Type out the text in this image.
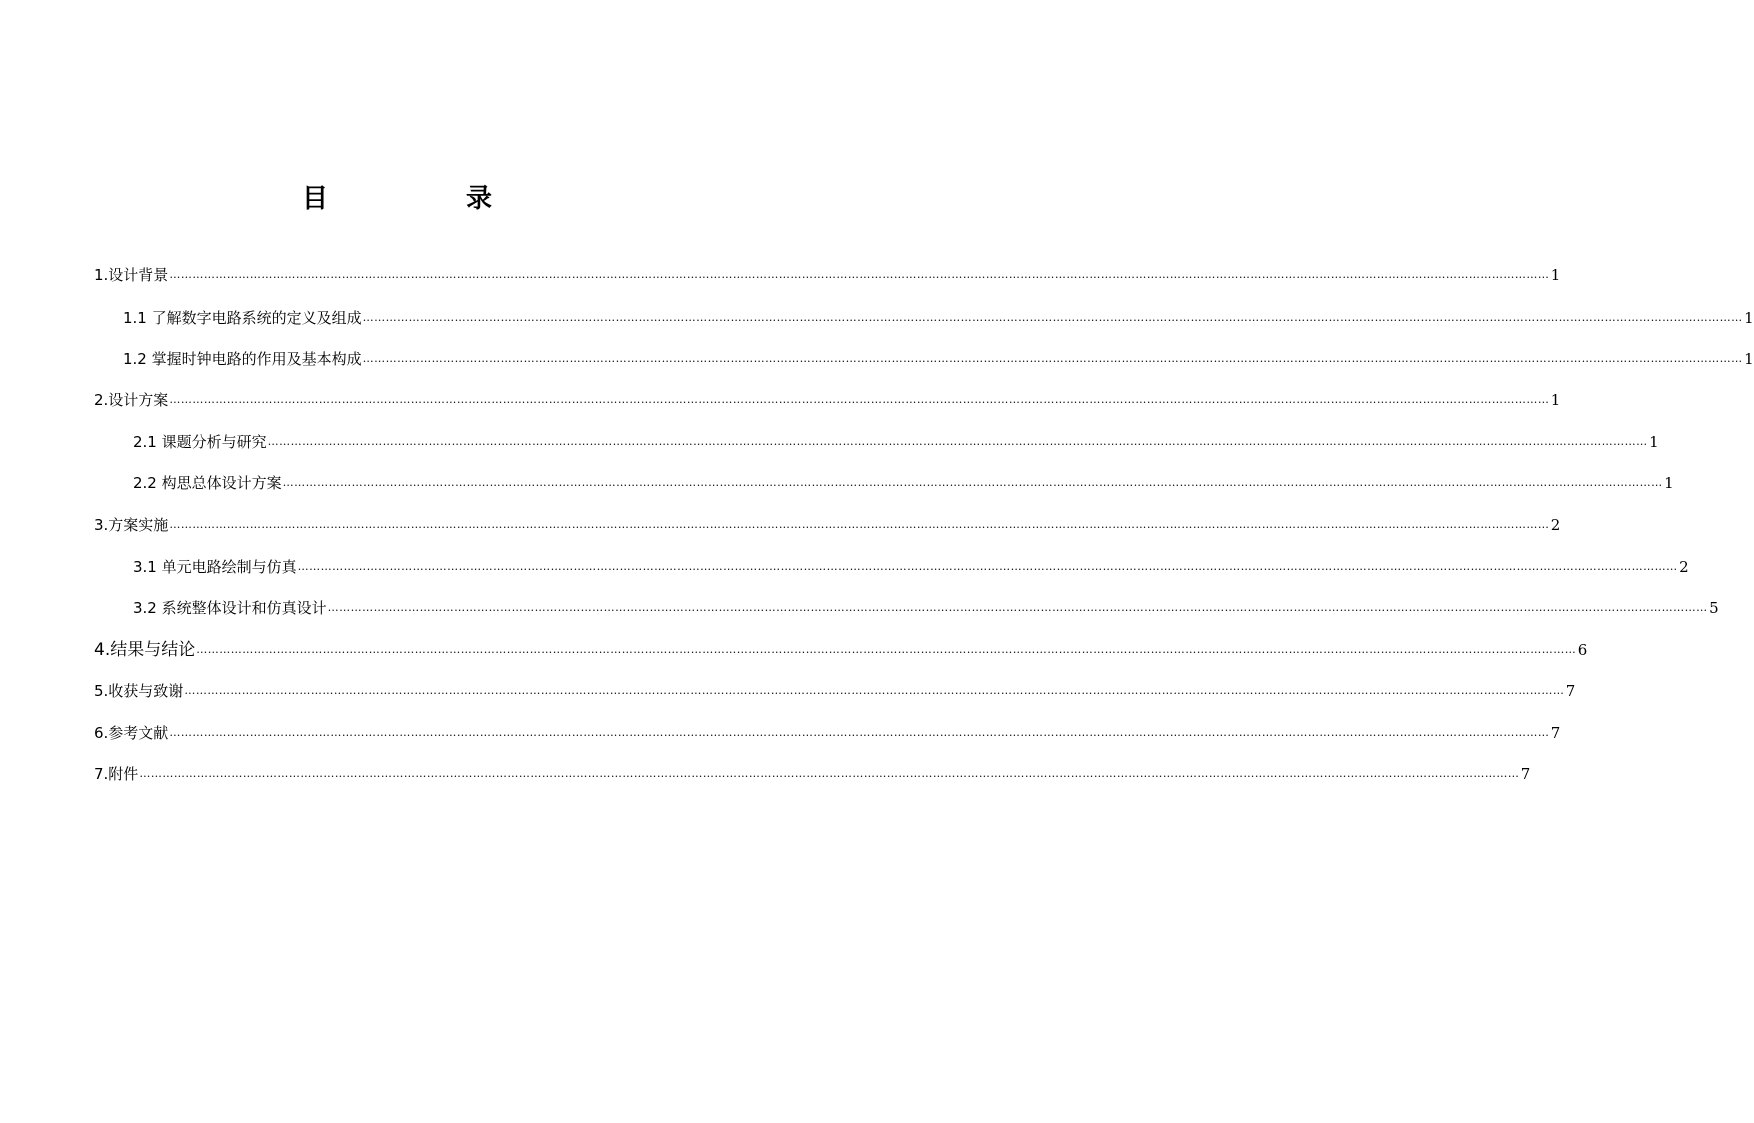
目　录
1.设计背景 ……………………………………………………………………………………………………………………………………………………………………………………………………………………………………………………………………………………………………………………………… 1
1.1 了解数字电路系统的定义及组成 ……………………………………………………………………………………………………………………………………………………………………………………………………………………………………………………………………………………………………………………………… 1
1.2 掌握时钟电路的作用及基本构成 ……………………………………………………………………………………………………………………………………………………………………………………………………………………………………………………………………………………………………………………………… 1
2.设计方案 ……………………………………………………………………………………………………………………………………………………………………………………………………………………………………………………………………………………………………………………………… 1
2.1 课题分析与研究 ……………………………………………………………………………………………………………………………………………………………………………………………………………………………………………………………………………………………………………………………… 1
2.2 构思总体设计方案 ……………………………………………………………………………………………………………………………………………………………………………………………………………………………………………………………………………………………………………………………… 1
3.方案实施 ……………………………………………………………………………………………………………………………………………………………………………………………………………………………………………………………………………………………………………………………… 2
3.1 单元电路绘制与仿真 ……………………………………………………………………………………………………………………………………………………………………………………………………………………………………………………………………………………………………………………………… 2
3.2 系统整体设计和仿真设计 ……………………………………………………………………………………………………………………………………………………………………………………………………………………………………………………………………………………………………………………………… 5
4.结果与结论 ……………………………………………………………………………………………………………………………………………………………………………………………………………………………………………………………………………………………………………………………… 6
5.收获与致谢 ……………………………………………………………………………………………………………………………………………………………………………………………………………………………………………………………………………………………………………………………… 7
6.参考文献 ……………………………………………………………………………………………………………………………………………………………………………………………………………………………………………………………………………………………………………………………… 7
7.附件 ……………………………………………………………………………………………………………………………………………………………………………………………………………………………………………………………………………………………………………………………… 7
